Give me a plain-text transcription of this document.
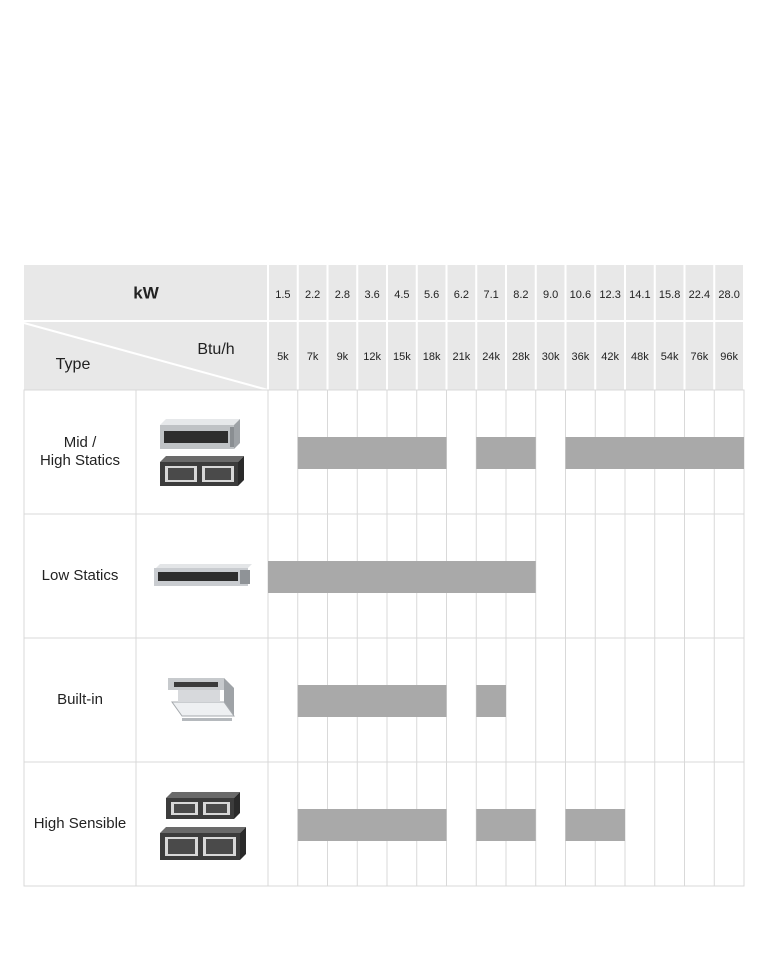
kW
Btu/h
Type
1.5 2.2 2.8 3.6 4.5 5.6 6.2 7.1 8.2 9.0 10.6 12.3 14.1 15.8 22.4 28.0
5k 7k 9k 12k 15k 18k 21k 24k 28k 30k 36k 42k 48k 54k 76k 96k
Mid /
High Statics
Low Statics
Built-in
High Sensible
